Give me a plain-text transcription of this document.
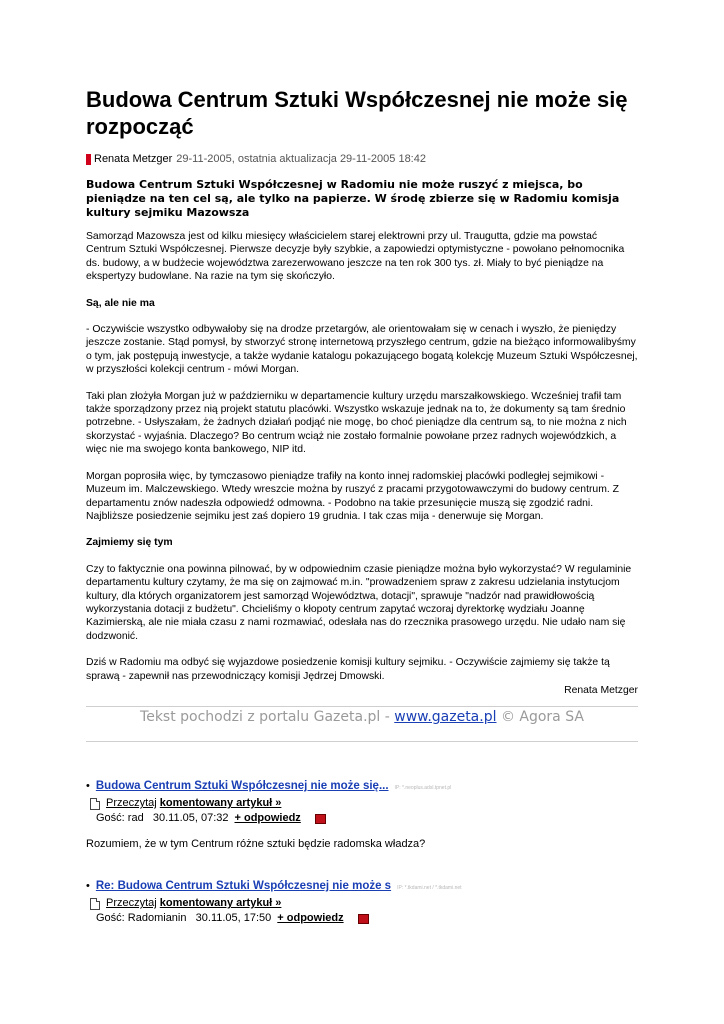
Budowa Centrum Sztuki Współczesnej nie może się rozpocząć
Renata Metzger 29-11-2005, ostatnia aktualizacja 29-11-2005 18:42

Budowa Centrum Sztuki Współczesnej w Radomiu nie może ruszyć z miejsca, bo pieniądze na ten cel są, ale tylko na papierze. W środę zbierze się w Radomiu komisja kultury sejmiku Mazowsza

Samorząd Mazowsza jest od kilku miesięcy właścicielem starej elektrowni przy ul. Traugutta, gdzie ma powstać Centrum Sztuki Współczesnej. Pierwsze decyzje były szybkie, a zapowiedzi optymistyczne - powołano pełnomocnika ds. budowy, a w budżecie województwa zarezerwowano jeszcze na ten rok 300 tys. zł. Miały to być pieniądze na ekspertyzy budowlane. Na razie na tym się skończyło.

Są, ale nie ma

- Oczywiście wszystko odbywałoby się na drodze przetargów, ale orientowałam się w cenach i wyszło, że pieniędzy jeszcze zostanie. Stąd pomysł, by stworzyć stronę internetową przyszłego centrum, gdzie na bieżąco informowalibyśmy o tym, jak postępują inwestycje, a także wydanie katalogu pokazującego bogatą kolekcję Muzeum Sztuki Współczesnej, w przyszłości kolekcji centrum - mówi Morgan.

Taki plan złożyła Morgan już w październiku w departamencie kultury urzędu marszałkowskiego. Wcześniej trafił tam także sporządzony przez nią projekt statutu placówki. Wszystko wskazuje jednak na to, że dokumenty są tam średnio potrzebne. - Usłyszałam, że żadnych działań podjąć nie mogę, bo choć pieniądze dla centrum są, to nie można z nich skorzystać - wyjaśnia. Dlaczego? Bo centrum wciąż nie zostało formalnie powołane przez radnych wojewódzkich, a więc nie ma swojego konta bankowego, NIP itd.

Morgan poprosiła więc, by tymczasowo pieniądze trafiły na konto innej radomskiej placówki podległej sejmikowi - Muzeum im. Malczewskiego. Wtedy wreszcie można by ruszyć z pracami przygotowawczymi do budowy centrum. Z departamentu znów nadeszła odpowiedź odmowna. - Podobno na takie przesunięcie muszą się zgodzić radni. Najbliższe posiedzenie sejmiku jest zaś dopiero 19 grudnia. I tak czas mija - denerwuje się Morgan.

Zajmiemy się tym

Czy to faktycznie ona powinna pilnować, by w odpowiednim czasie pieniądze można było wykorzystać? W regulaminie departamentu kultury czytamy, że ma się on zajmować m.in. "prowadzeniem spraw z zakresu udzielania instytucjom kultury, dla których organizatorem jest samorząd Województwa, dotacji", sprawuje "nadzór nad prawidłowością wykorzystania dotacji z budżetu". Chcieliśmy o kłopoty centrum zapytać wczoraj dyrektorkę wydziału Joannę Kazimierską, ale nie miała czasu z nami rozmawiać, odesłała nas do rzecznika prasowego urzędu. Nie udało nam się dodzwonić.

Dziś w Radomiu ma odbyć się wyjazdowe posiedzenie komisji kultury sejmiku. - Oczywiście zajmiemy się także tą sprawą - zapewnił nas przewodniczący komisji Jędrzej Dmowski.

Renata Metzger
Tekst pochodzi z portalu Gazeta.pl - www.gazeta.pl © Agora SA
• Budowa Centrum Sztuki Współczesnej nie może się... IP: *.neoplus.adsl.tpnet.pl
Przeczytaj komentowany artykuł »
Gość: rad   30.11.05, 07:32 + odpowiedz
Rozumiem, że w tym Centrum różne sztuki będzie radomska władza?
• Re: Budowa Centrum Sztuki Współczesnej nie może s IP: *.tkdami.net / *.tkdami.net
Przeczytaj komentowany artykuł »
Gość: Radomianin   30.11.05, 17:50 + odpowiedz
